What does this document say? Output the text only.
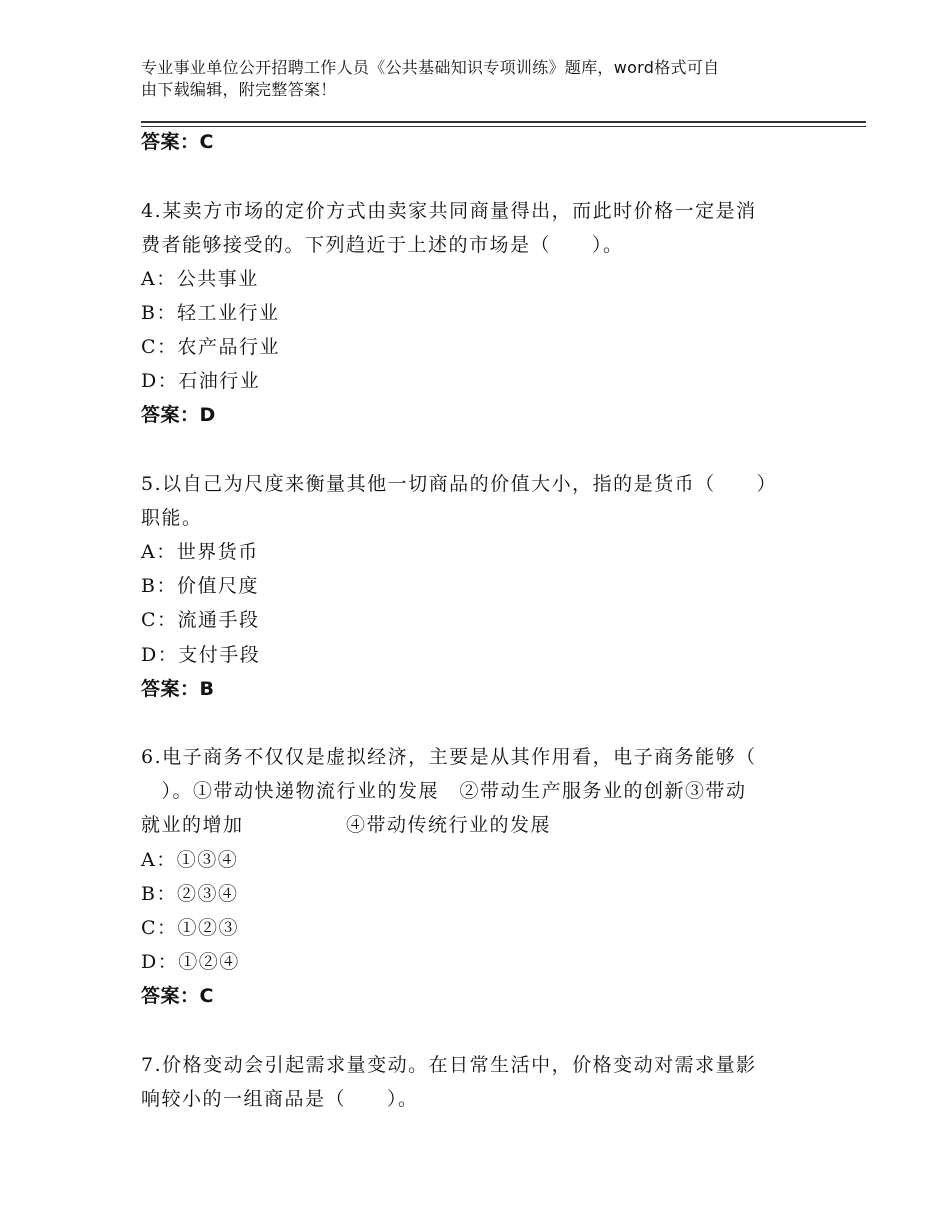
专业事业单位公开招聘工作人员《公共基础知识专项训练》题库，word格式可自
由下载编辑，附完整答案！
答案：C
4.某卖方市场的定价方式由卖家共同商量得出，而此时价格一定是消
费者能够接受的。下列趋近于上述的市场是（　　）。
A：公共事业
B：轻工业行业
C：农产品行业
D：石油行业
答案：D
5.以自己为尺度来衡量其他一切商品的价值大小，指的是货币（　　）
职能。
A：世界货币
B：价值尺度
C：流通手段
D：支付手段
答案：B
6.电子商务不仅仅是虚拟经济，主要是从其作用看，电子商务能够（
　）。①带动快递物流行业的发展　②带动生产服务业的创新③带动
就业的增加　　　　　④带动传统行业的发展
A：①③④
B：②③④
C：①②③
D：①②④
答案：C
7.价格变动会引起需求量变动。在日常生活中，价格变动对需求量影
响较小的一组商品是（　　）。
